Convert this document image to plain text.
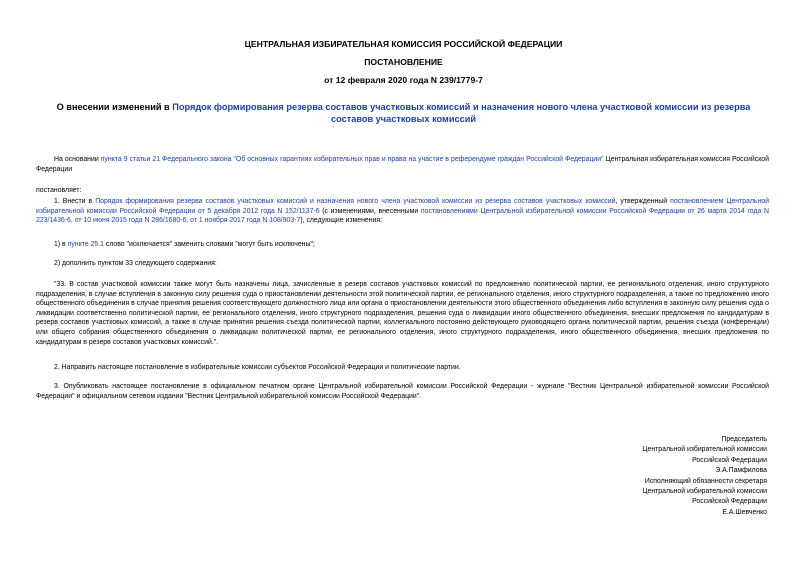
ЦЕНТРАЛЬНАЯ ИЗБИРАТЕЛЬНАЯ КОМИССИЯ РОССИЙСКОЙ ФЕДЕРАЦИИ
ПОСТАНОВЛЕНИЕ
от 12 февраля 2020 года N 239/1779-7
О внесении изменений в Порядок формирования резерва составов участковых комиссий и назначения нового члена участковой комиссии из резерва составов участковых комиссий
На основании пункта 9 статьи 21 Федерального закона "Об основных гарантиях избирательных прав и права на участие в референдуме граждан Российской Федерации" Центральная избирательная комиссия Российской Федерации
постановляет:
1. Внести в Порядок формирования резерва составов участковых комиссий и назначения нового члена участковой комиссии из резерва составов участковых комиссий, утвержденный постановлением Центральной избирательной комиссии Российской Федерации от 5 декабря 2012 года N 152/1137-6 (с изменениями, внесенными постановлениями Центральной избирательной комиссии Российской Федерации от 26 марта 2014 года N 223/1436-6, от 10 июня 2015 года N 286/1680-6, от 1 ноября 2017 года N 108/903-7), следующие изменения:
1) в пункте 25.1 слово "исключается" заменить словами "могут быть исключены";
2) дополнить пунктом 33 следующего содержания:
"33. В состав участковой комиссии также могут быть назначены лица, зачисленные в резерв составов участковых комиссий по предложению политической партии, ее регионального отделения, иного структурного подразделения, в случае вступления в законную силу решения суда о приостановлении деятельности этой политической партии, ее регионального отделения, иного структурного подразделения, а также по предложению иного общественного объединения в случае принятия решения соответствующего должностного лица или органа о приостановлении деятельности этого общественного объединения либо вступления в законную силу решения суда о ликвидации соответственно политической партии, ее регионального отделения, иного структурного подразделения, решения суда о ликвидации иного общественного объединения, внесших предложения по кандидатурам в резерв составов участковых комиссий, а также в случае принятия решения съезда политической партии, коллегиального постоянно действующего руководящего органа политической партии, решения съезда (конференции) или общего собрания общественного объединения о ликвидации политической партии, ее регионального отделения, иного структурного подразделения, иного общественного объединения, внесших предложения по кандидатурам в резерв составов участковых комиссий.".
2. Направить настоящее постановление в избирательные комиссии субъектов Российской Федерации и политические партии.
3. Опубликовать настоящее постановление в официальном печатном органе Центральной избирательной комиссии Российской Федерации - журнале "Вестник Центральной избирательной комиссии Российской Федерации" и официальном сетевом издании "Вестник Центральной избирательной комиссии Российской Федерации".
Председатель
Центральной избирательной комиссии
Российской Федерации
Э.А.Памфилова
Исполняющий обязанности секретаря
Центральной избирательной комиссии
Российской Федерации
Е.А.Шевченко
